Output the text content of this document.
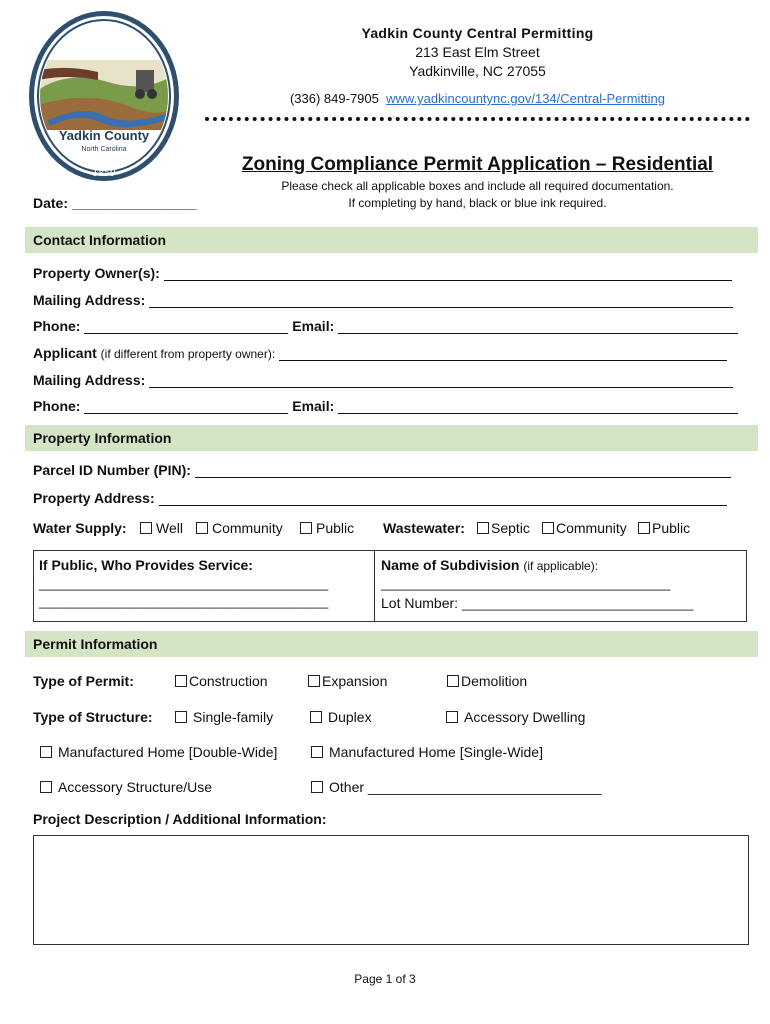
Established
Yadkin County
North Carolina
1850
Yadkin County Central Permitting
213 East Elm Street
Yadkinville, NC 27055
(336) 849-7905 www.yadkincountync.gov/134/Central-Permitting
Zoning Compliance Permit Application – Residential
Please check all applicable boxes and include all required documentation.
If completing by hand, black or blue ink required.
Date: ________________
Contact Information
Property Owner(s):
Mailing Address:
Phone:	Email:
Applicant (if different from property owner):
Mailing Address:
Phone:	Email:
Property Information
Parcel ID Number (PIN):
Property Address:
Water Supply:	Well	Community	Public Wastewater:	Septic	Community	Public
If Public, Who Provides Service:
________________________________________
________________________________________
Name of Subdivision (if applicable):
________________________________________
Lot Number: ________________________________
Permit Information
Type of Permit:	Construction	Expansion	Demolition
Type of Structure:	Single-family	Duplex	Accessory Dwelling
Manufactured Home [Double-Wide]	Manufactured Home [Single-Wide]
Accessory Structure/Use	Other ______________________________
Project Description / Additional Information:
Page 1 of 3
